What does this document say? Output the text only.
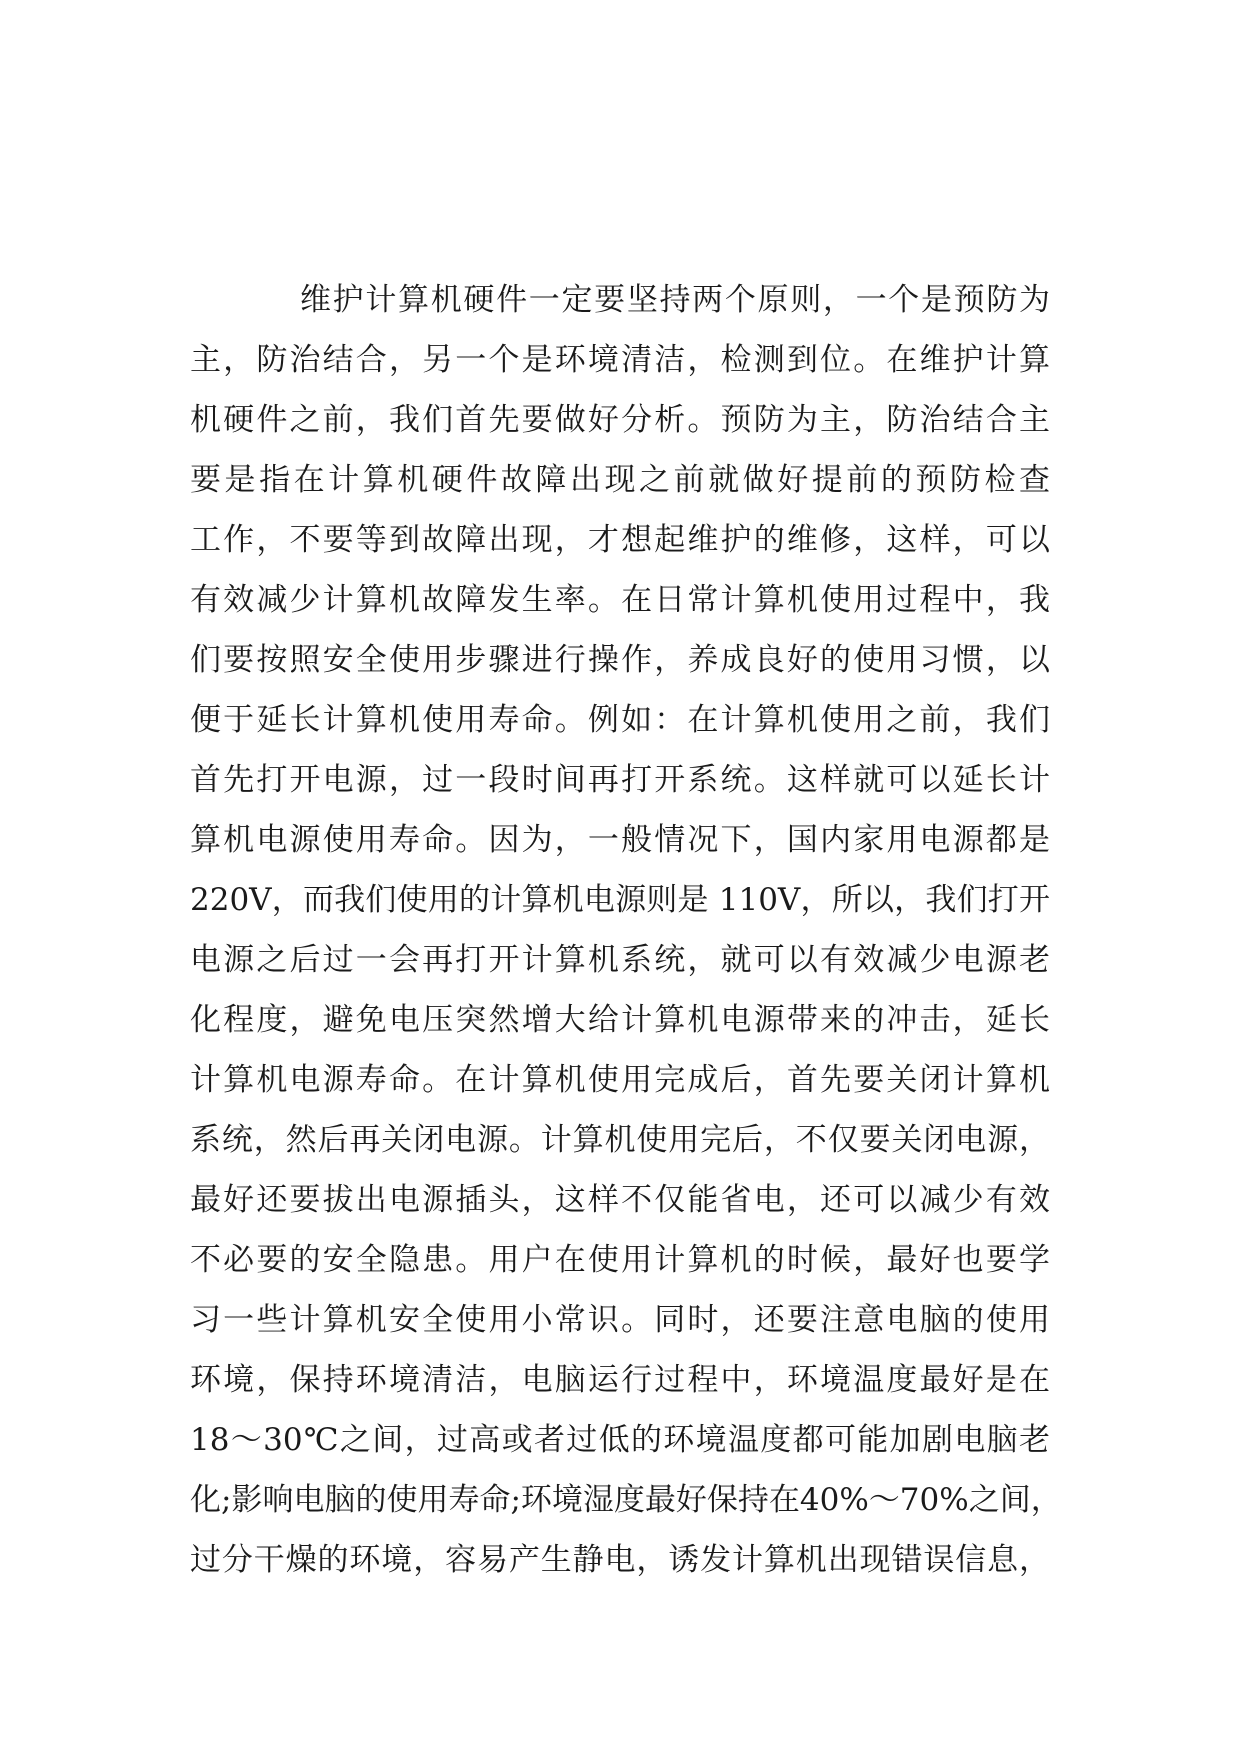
维护计算机硬件一定要坚持两个原则，一个是预防为
主，防治结合，另一个是环境清洁，检测到位。在维护计算
机硬件之前，我们首先要做好分析。预防为主，防治结合主
要是指在计算机硬件故障出现之前就做好提前的预防检查
工作，不要等到故障出现，才想起维护的维修，这样，可以
有效减少计算机故障发生率。在日常计算机使用过程中，我
们要按照安全使用步骤进行操作，养成良好的使用习惯，以
便于延长计算机使用寿命。例如：在计算机使用之前，我们
首先打开电源，过一段时间再打开系统。这样就可以延长计
算机电源使用寿命。因为，一般情况下，国内家用电源都是
220V，而我们使用的计算机电源则是 110V，所以，我们打开
电源之后过一会再打开计算机系统，就可以有效减少电源老
化程度，避免电压突然增大给计算机电源带来的冲击，延长
计算机电源寿命。在计算机使用完成后，首先要关闭计算机
系统，然后再关闭电源。计算机使用完后，不仅要关闭电源，
最好还要拔出电源插头，这样不仅能省电，还可以减少有效
不必要的安全隐患。用户在使用计算机的时候，最好也要学
习一些计算机安全使用小常识。同时，还要注意电脑的使用
环境，保持环境清洁，电脑运行过程中，环境温度最好是在
18～30℃之间，过高或者过低的环境温度都可能加剧电脑老
化;影响电脑的使用寿命;环境湿度最好保持在40%～70%之间，
过分干燥的环境，容易产生静电，诱发计算机出现错误信息，
